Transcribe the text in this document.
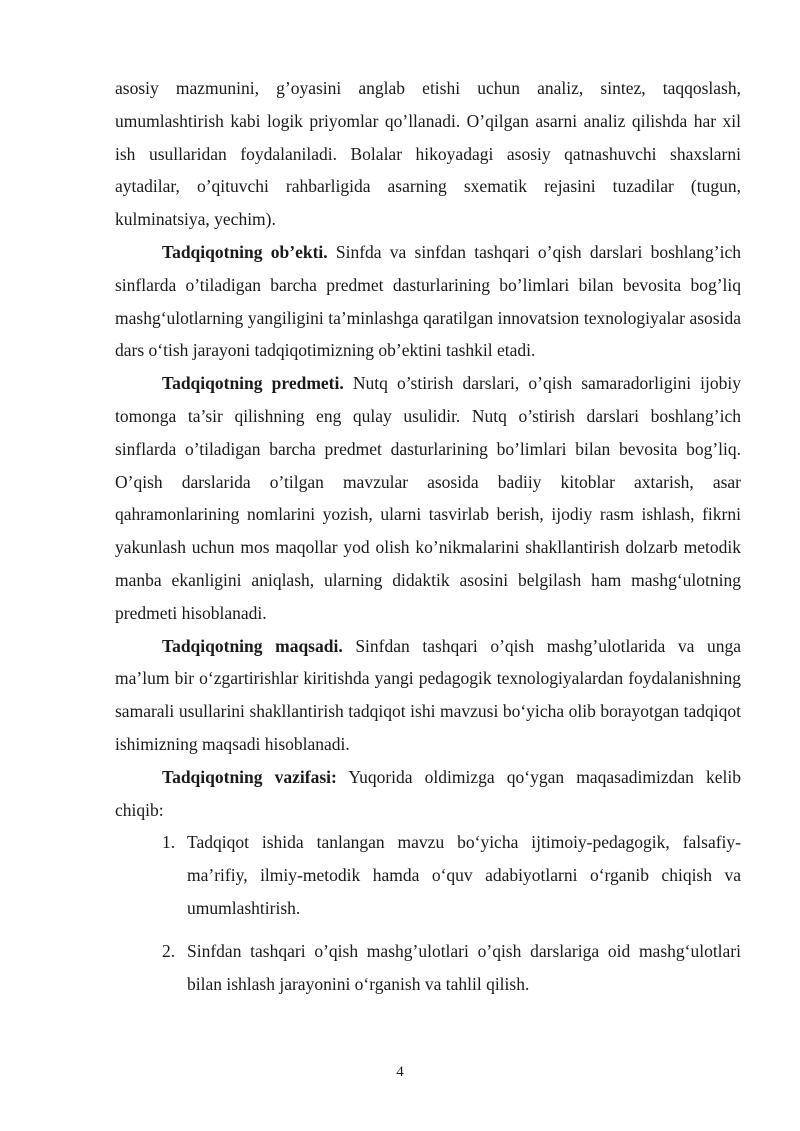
asosiy mazmunini, g’oyasini anglab etishi uchun analiz, sintez, taqqoslash, umumlashtirish kabi logik priyomlar qo’llanadi. O’qilgan asarni analiz qilishda har xil ish usullaridan foydalaniladi. Bolalar hikoyadagi asosiy qatnashuvchi shaxslarni aytadilar, o’qituvchi rahbarligida asarning sxematik rejasini tuzadilar (tugun, kulminatsiya, yechim).

Tadqiqotning ob’ekti. Sinfda va sinfdan tashqari o’qish darslari boshlang’ich sinflarda o’tiladigan barcha predmet dasturlarining bo’limlari bilan bevosita bog’liq mashg‘ulotlarning yangiligini ta’minlashga qaratilgan innovatsion texnologiyalar asosida dars o‘tish jarayoni tadqiqotimizning ob’ektini tashkil etadi.

Tadqiqotning predmeti. Nutq o’stirish darslari, o’qish samaradorligini ijobiy tomonga ta’sir qilishning eng qulay usulidir. Nutq o’stirish darslari boshlang’ich sinflarda o’tiladigan barcha predmet dasturlarining bo’limlari bilan bevosita bog’liq. O’qish darslarida o’tilgan mavzular asosida badiiy kitoblar axtarish, asar qahramonlarining nomlarini yozish, ularni tasvirlab berish, ijodiy rasm ishlash, fikrni yakunlash uchun mos maqollar yod olish ko’nikmalarini shakllantirish dolzarb metodik manba ekanligini aniqlash, ularning didaktik asosini belgilash ham mashg‘ulotning predmeti hisoblanadi.

Tadqiqotning maqsadi. Sinfdan tashqari o’qish mashg’ulotlarida va unga ma’lum bir o‘zgartirishlar kiritishda yangi pedagogik texnologiyalardan foydalanishning samarali usullarini shakllantirish tadqiqot ishi mavzusi bo‘yicha olib borayotgan tadqiqot ishimizning maqsadi hisoblanadi.

Tadqiqotning vazifasi: Yuqorida oldimizga qo‘ygan maqasadimizdan kelib chiqib:

1. Tadqiqot ishida tanlangan mavzu bo‘yicha ijtimoiy-pedagogik, falsafiy-ma’rifiy, ilmiy-metodik hamda o‘quv adabiyotlarni o‘rganib chiqish va umumlashtirish.
2. Sinfdan tashqari o’qish mashg’ulotlari o’qish darslariga oid mashg‘ulotlari bilan ishlash jarayonini o‘rganish va tahlil qilish.
4
